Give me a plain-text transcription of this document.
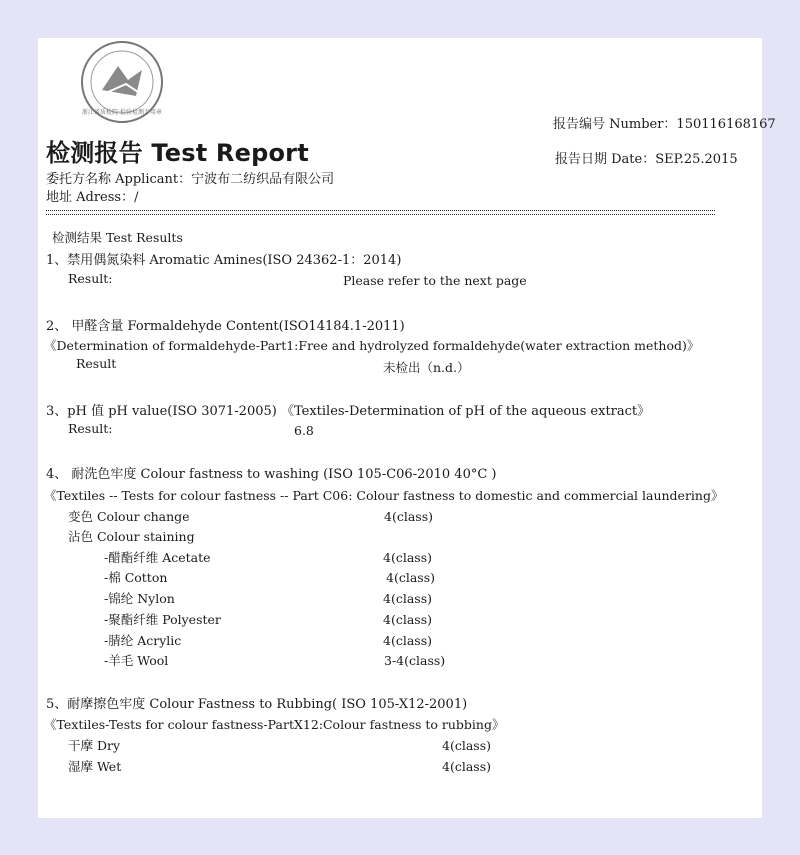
浙江省质检院·检验检测专用章
报告编号 Number：150116168167
报告日期 Date：SEP.25.2015
检测报告 Test Report
委托方名称 Applicant：宁波布二纺织品有限公司
地址 Adress：/
检测结果 Test Results
1、禁用偶氮染料 Aromatic Amines(ISO 24362-1：2014)
Result:	Please refer to the next page
2、 甲醛含量 Formaldehyde Content(ISO14184.1-2011)
《Determination of formaldehyde-Part1:Free and hydrolyzed formaldehyde(water extraction method)》
Result	未检出（n.d.）
3、pH 值 pH value(ISO 3071-2005) 《Textiles-Determination of pH of the aqueous extract》
Result:	6.8
4、 耐洗色牢度 Colour fastness to washing (ISO 105-C06-2010 40°C )
《Textiles -- Tests for colour fastness -- Part C06: Colour fastness to domestic and commercial laundering》
变色 Colour change	4(class)
沾色 Colour staining
-醋酯纤维 Acetate	4(class)
-棉 Cotton	4(class)
-锦纶 Nylon	4(class)
-聚酯纤维 Polyester	4(class)
-腈纶 Acrylic	4(class)
-羊毛 Wool	3-4(class)
5、耐摩擦色牢度 Colour Fastness to Rubbing( ISO 105-X12-2001)
《Textiles-Tests for colour fastness-PartX12:Colour fastness to rubbing》
干摩 Dry	4(class)
湿摩 Wet	4(class)
